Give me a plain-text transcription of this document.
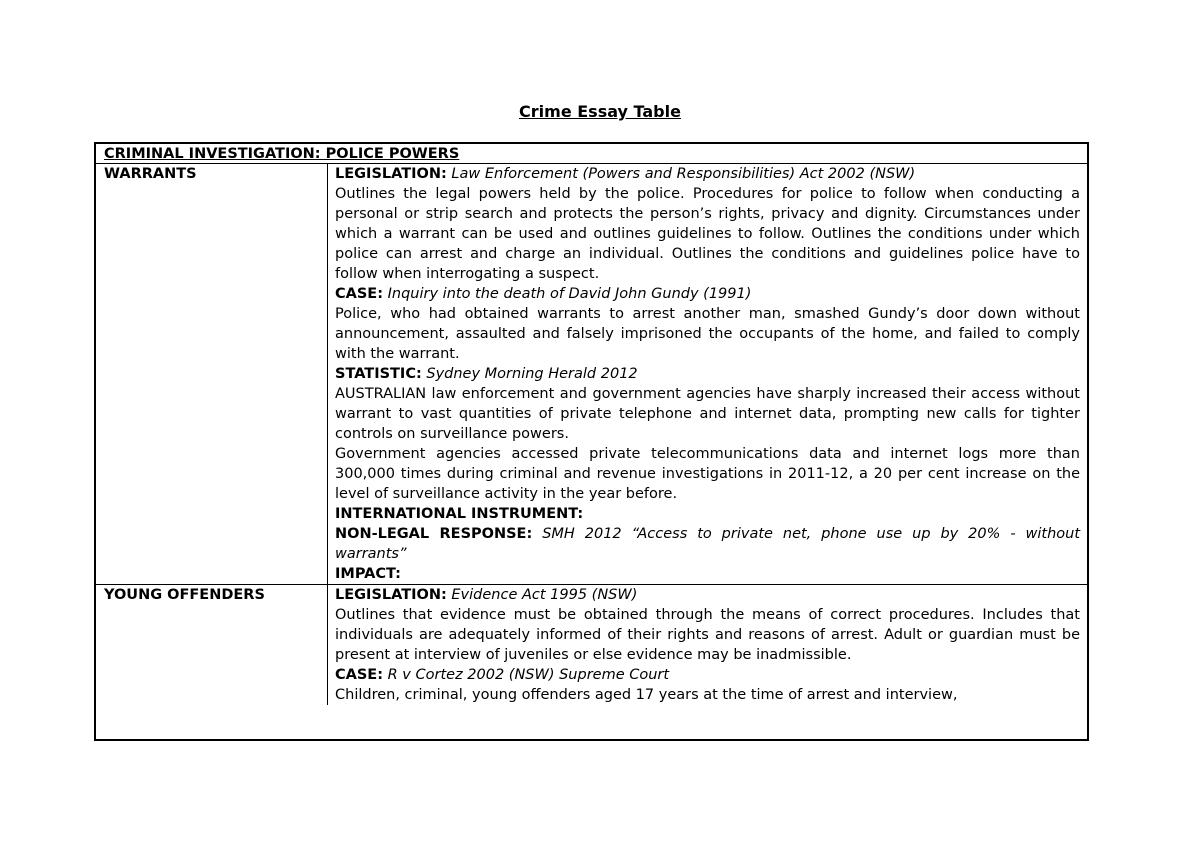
Crime Essay Table
CRIMINAL INVESTIGATION: POLICE POWERS
WARRANTS	LEGISLATION: Law Enforcement (Powers and Responsibilities) Act 2002 (NSW)

Outlines the legal powers held by the police. Procedures for police to follow when conducting a personal or strip search and protects the person’s rights, privacy and dignity. Circumstances under which a warrant can be used and outlines guidelines to follow. Outlines the conditions under which police can arrest and charge an individual. Outlines the conditions and guidelines police have to follow when interrogating a suspect.

CASE: Inquiry into the death of David John Gundy (1991)

Police, who had obtained warrants to arrest another man, smashed Gundy’s door down without announcement, assaulted and falsely imprisoned the occupants of the home, and failed to comply with the warrant.

STATISTIC: Sydney Morning Herald 2012

AUSTRALIAN law enforcement and government agencies have sharply increased their access without warrant to vast quantities of private telephone and internet data, prompting new calls for tighter controls on surveillance powers.

Government agencies accessed private telecommunications data and internet logs more than 300,000 times during criminal and revenue investigations in 2011-12, a 20 per cent increase on the level of surveillance activity in the year before.

INTERNATIONAL INSTRUMENT:

NON-LEGAL RESPONSE: SMH 2012 “Access to private net, phone use up by 20% - without warrants”

IMPACT:

YOUNG OFFENDERS	LEGISLATION: Evidence Act 1995 (NSW)

Outlines that evidence must be obtained through the means of correct procedures. Includes that individuals are adequately informed of their rights and reasons of arrest. Adult or guardian must be present at interview of juveniles or else evidence may be inadmissible.

CASE: R v Cortez 2002 (NSW) Supreme Court

Children, criminal, young offenders aged 17 years at the time of arrest and interview,
